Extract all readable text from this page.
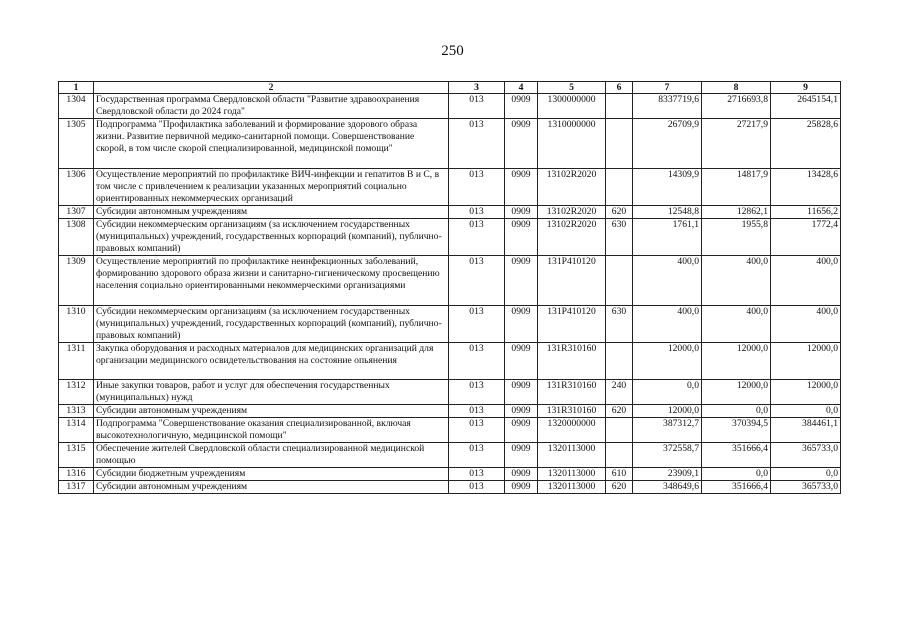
250
1	2	3	4	5	6	7	8	9
1304	Государственная программа Свердловской области "Развитие здравоохранения Свердловской области до 2024 года"	013	0909	1300000000		8337719,6	2716693,8	2645154,1
1305	Подпрограмма "Профилактика заболеваний и формирование здорового образа жизни. Развитие первичной медико-санитарной помощи. Совершенствование скорой, в том числе скорой специализированной, медицинской помощи"	013	0909	1310000000		26709,9	27217,9	25828,6
1306	Осуществление мероприятий по профилактике ВИЧ-инфекции и гепатитов В и С, в том числе с привлечением к реализации указанных мероприятий социально ориентированных некоммерческих организаций	013	0909	13102R2020		14309,9	14817,9	13428,6
1307	Субсидии автономным учреждениям	013	0909	13102R2020	620	12548,8	12862,1	11656,2
1308	Субсидии некоммерческим организациям (за исключением государственных (муниципальных) учреждений, государственных корпораций (компаний), публично-правовых компаний)	013	0909	13102R2020	630	1761,1	1955,8	1772,4
1309	Осуществление мероприятий по профилактике неинфекционных заболеваний, формированию здорового образа жизни и санитарно-гигиеническому просвещению населения социально ориентированными некоммерческими организациями	013	0909	131P410120		400,0	400,0	400,0
1310	Субсидии некоммерческим организациям (за исключением государственных (муниципальных) учреждений, государственных корпораций (компаний), публично-правовых компаний)	013	0909	131P410120	630	400,0	400,0	400,0
1311	Закупка оборудования и расходных материалов для медицинских организаций для организации медицинского освидетельствования на состояние опьянения	013	0909	131R310160		12000,0	12000,0	12000,0
1312	Иные закупки товаров, работ и услуг для обеспечения государственных (муниципальных) нужд	013	0909	131R310160	240	0,0	12000,0	12000,0
1313	Субсидии автономным учреждениям	013	0909	131R310160	620	12000,0	0,0	0,0
1314	Подпрограмма "Совершенствование оказания специализированной, включая высокотехнологичную, медицинской помощи"	013	0909	1320000000		387312,7	370394,5	384461,1
1315	Обеспечение жителей Свердловской области специализированной медицинской помощью	013	0909	1320113000		372558,7	351666,4	365733,0
1316	Субсидии бюджетным учреждениям	013	0909	1320113000	610	23909,1	0,0	0,0
1317	Субсидии автономным учреждениям	013	0909	1320113000	620	348649,6	351666,4	365733,0
